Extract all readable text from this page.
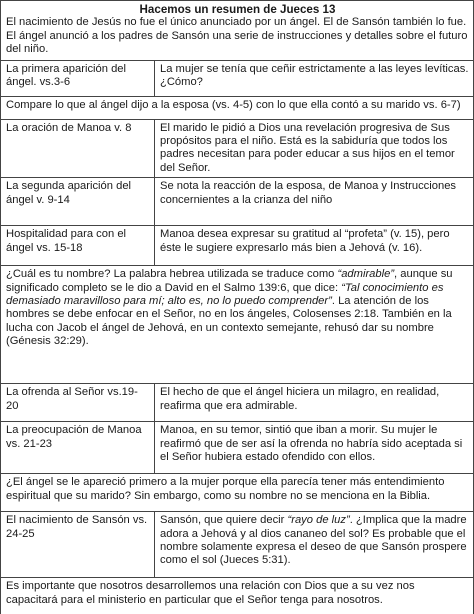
Hacemos un resumen de Jueces 13
El nacimiento de Jesús no fue el único anunciado por un ángel. El de Sansón también lo fue. El ángel anunció a los padres de Sansón una serie de instrucciones y detalles sobre el futuro del niño.	
La primera aparición del ángel. vs.3-6	La mujer se tenía que ceñir estrictamente a las leyes levíticas. ¿Cómo?
Compare lo que al ángel dijo a la esposa (vs. 4-5) con lo que ella contó a su marido vs. 6-7)	
La oración de Manoa v. 8	El marido le pidió a Dios una revelación progresiva de Sus propósitos para el niño. Está es la sabiduría que todos los padres necesitan para poder educar a sus hijos en el temor del Señor.
La segunda aparición del ángel v. 9-14	Se nota la reacción de la esposa, de Manoa y Instrucciones concernientes a la crianza del niño
Hospitalidad para con el ángel vs. 15-18	Manoa desea expresar su gratitud al “profeta” (v. 15), pero éste le sugiere expresarlo más bien a Jehová (v. 16).
¿Cuál es tu nombre? La palabra hebrea utilizada se traduce como “admirable”, aunque su significado completo se le dio a David en el Salmo 139:6, que dice: “Tal conocimiento es demasiado maravilloso para mí; alto es, no lo puedo comprender”. La atención de los hombres se debe enfocar en el Señor, no en los ángeles, Colosenses 2:18. También en la lucha con Jacob el ángel de Jehová, en un contexto semejante, rehusó dar su nombre (Génesis 32:29).	
La ofrenda al Señor vs.19-20	El hecho de que el ángel hiciera un milagro, en realidad, reafirma que era admirable.
La preocupación de Manoa vs. 21-23	Manoa, en su temor, sintió que iban a morir. Su mujer le reafirmó que de ser así la ofrenda no habría sido aceptada si el Señor hubiera estado ofendido con ellos.
¿El ángel se le apareció primero a la mujer porque ella parecía tener más entendimiento espiritual que su marido? Sin embargo, como su nombre no se menciona en la Biblia.	
El nacimiento de Sansón vs. 24-25	Sansón, que quiere decir “rayo de luz”. ¿Implica que la madre adora a Jehová y al dios cananeo del sol? Es probable que el nombre solamente expresa el deseo de que Sansón prospere como el sol (Jueces 5:31).
Es importante que nosotros desarrollemos una relación con Dios que a su vez nos capacitará para el ministerio en particular que el Señor tenga para nosotros.	
